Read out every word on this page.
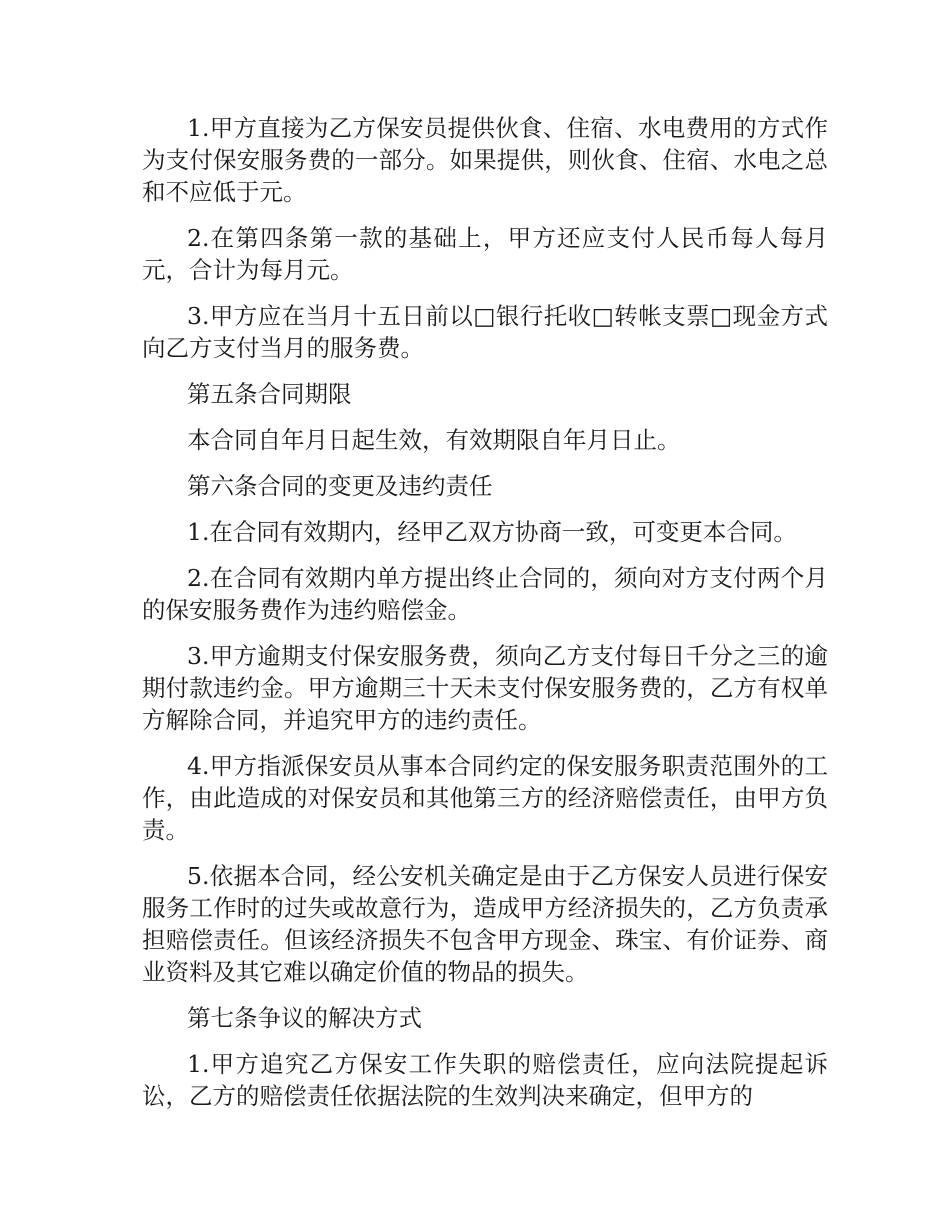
1.甲方直接为乙方保安员提供伙食、住宿、水电费用的方式作为支付保安服务费的一部分。如果提供，则伙食、住宿、水电之总和不应低于元。

2.在第四条第一款的基础上，甲方还应支付人民币每人每月元，合计为每月元。

3.甲方应在当月十五日前以□银行托收□转帐支票□现金方式向乙方支付当月的服务费。

第五条合同期限

本合同自年月日起生效，有效期限自年月日止。

第六条合同的变更及违约责任

1.在合同有效期内，经甲乙双方协商一致，可变更本合同。

2.在合同有效期内单方提出终止合同的，须向对方支付两个月的保安服务费作为违约赔偿金。

3.甲方逾期支付保安服务费，须向乙方支付每日千分之三的逾期付款违约金。甲方逾期三十天未支付保安服务费的，乙方有权单方解除合同，并追究甲方的违约责任。

4.甲方指派保安员从事本合同约定的保安服务职责范围外的工作，由此造成的对保安员和其他第三方的经济赔偿责任，由甲方负责。

5.依据本合同，经公安机关确定是由于乙方保安人员进行保安服务工作时的过失或故意行为，造成甲方经济损失的，乙方负责承担赔偿责任。但该经济损失不包含甲方现金、珠宝、有价证券、商业资料及其它难以确定价值的物品的损失。

第七条争议的解决方式

1.甲方追究乙方保安工作失职的赔偿责任，应向法院提起诉讼，乙方的赔偿责任依据法院的生效判决来确定，但甲方的
